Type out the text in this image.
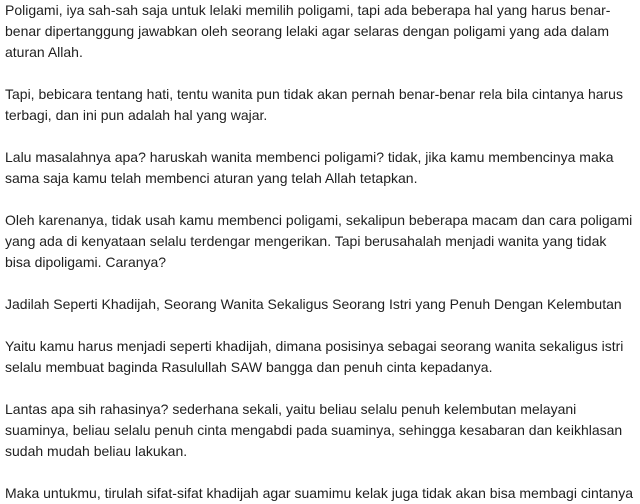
Poligami, iya sah-sah saja untuk lelaki memilih poligami, tapi ada beberapa hal yang harus benar-benar dipertanggung jawabkan oleh seorang lelaki agar selaras dengan poligami yang ada dalam aturan Allah.

Tapi, bebicara tentang hati, tentu wanita pun tidak akan pernah benar-benar rela bila cintanya harus terbagi, dan ini pun adalah hal yang wajar.

Lalu masalahnya apa? haruskah wanita membenci poligami? tidak, jika kamu membencinya maka sama saja kamu telah membenci aturan yang telah Allah tetapkan.

Oleh karenanya, tidak usah kamu membenci poligami, sekalipun beberapa macam dan cara poligami yang ada di kenyataan selalu terdengar mengerikan. Tapi berusahalah menjadi wanita yang tidak bisa dipoligami. Caranya?

Jadilah Seperti Khadijah, Seorang Wanita Sekaligus Seorang Istri yang Penuh Dengan Kelembutan

Yaitu kamu harus menjadi seperti khadijah, dimana posisinya sebagai seorang wanita sekaligus istri selalu membuat baginda Rasulullah SAW bangga dan penuh cinta kepadanya.

Lantas apa sih rahasinya? sederhana sekali, yaitu beliau selalu penuh kelembutan melayani suaminya, beliau selalu penuh cinta mengabdi pada suaminya, sehingga kesabaran dan keikhlasan sudah mudah beliau lakukan.

Maka untukmu, tirulah sifat-sifat khadijah agar suamimu kelak juga tidak akan bisa membagi cintanya
